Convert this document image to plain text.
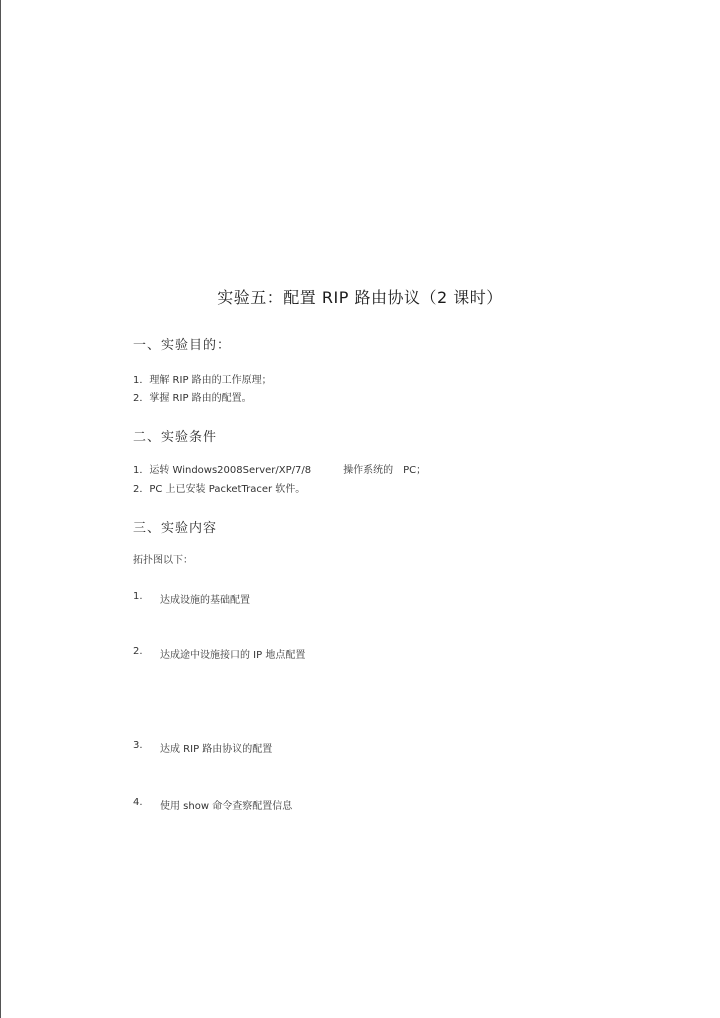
实验五：配置 RIP 路由协议（2 课时）
一、实验目的：
1．理解 RIP 路由的工作原理；
2．掌握 RIP 路由的配置。
二、实验条件
1．运转 Windows2008Server/XP/7/8	操作系统的 PC；
2．PC 上已安装 PacketTracer 软件。
三、实验内容
拓扑图以下：
1. 达成设施的基础配置
2. 达成途中设施接口的 IP 地点配置
3. 达成 RIP 路由协议的配置
4. 使用 show 命令查察配置信息
